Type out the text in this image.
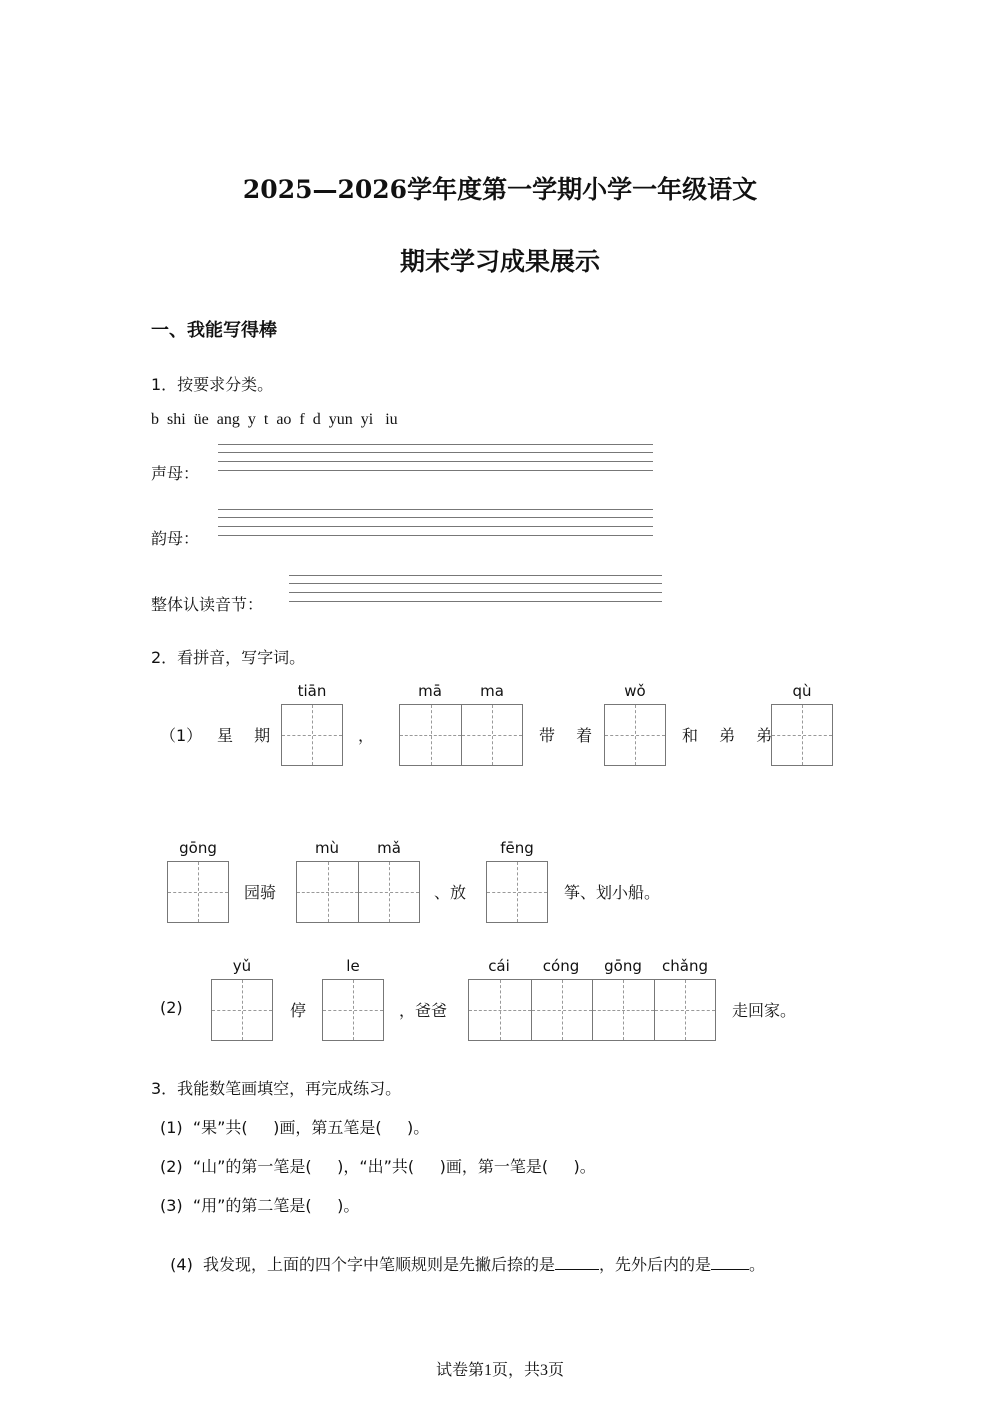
2025—2026学年度第一学期小学一年级语文
期末学习成果展示
一、我能写得棒
1．按要求分类。
b  shi  üe  ang  y  t  ao  f  d  yun  yi   iu
声母：
韵母：
整体认读音节：
2．看拼音，写字词。
（1） 星 期
tiān
，
mā	ma
带 着
wǒ
和 弟 弟
qù
gōng
园骑
mù	mǎ
、放
fēng
筝、划小船。
(2)
yǔ
停
le
，爸爸
cái	cóng	gōng	chǎng
走回家。
3．我能数笔画填空，再完成练习。
(1)  “果”共(     )画，第五笔是(     )。
(2)  “山”的第一笔是(     )，“出”共(     )画，第一笔是(     )。
(3)  “用”的第二笔是(     )。

(4)  我发现，上面的四个字中笔顺规则是先撇后捺的是	，先外后内的是 。

试卷第1页，共3页
